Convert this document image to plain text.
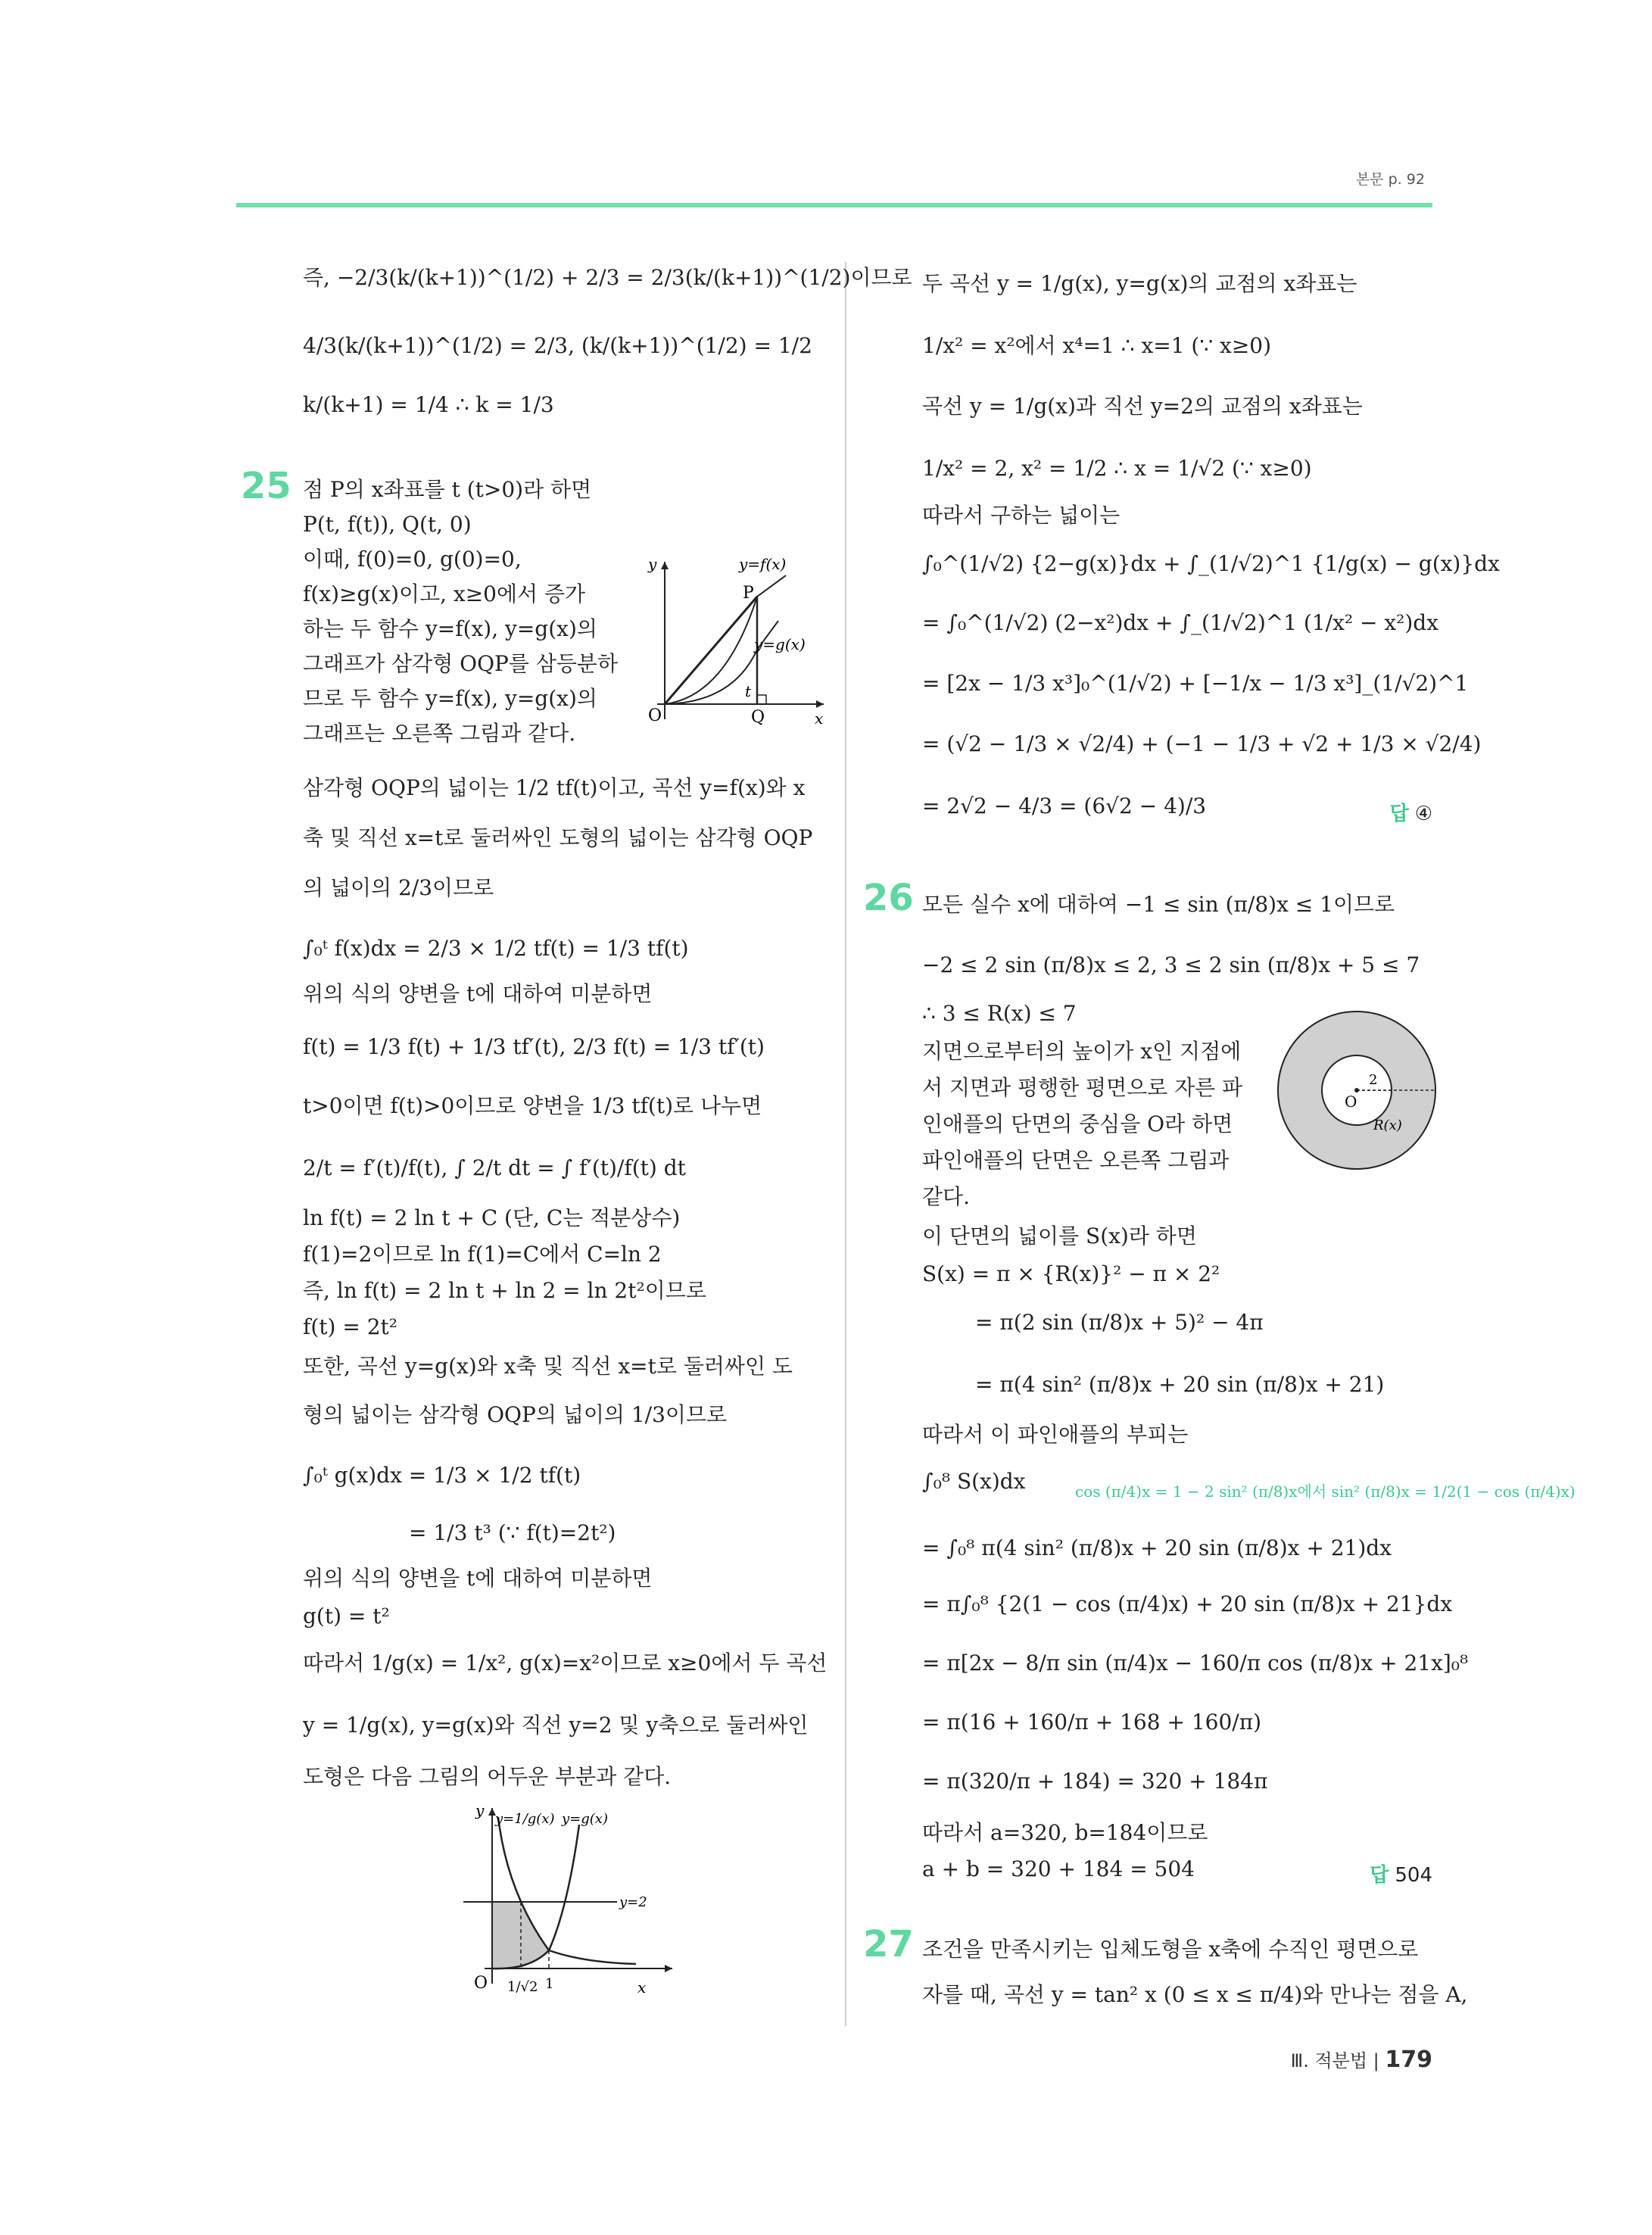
본문 p. 92
즉, −2/3(k/(k+1))^(1/2) + 2/3 = 2/3(k/(k+1))^(1/2)이므로
4/3(k/(k+1))^(1/2) = 2/3, (k/(k+1))^(1/2) = 1/2
k/(k+1) = 1/4 ∴ k = 1/3
25 점 P의 x좌표를 t (t>0)라 하면
P(t, f(t)), Q(t, 0)
이때, f(0)=0, g(0)=0,
f(x)≥g(x)이고, x≥0에서 증가
하는 두 함수 y=f(x), y=g(x)의
그래프가 삼각형 OQP를 삼등분하
므로 두 함수 y=f(x), y=g(x)의
그래프는 오른쪽 그림과 같다.
삼각형 OQP의 넓이는 1/2 tf(t)이고, 곡선 y=f(x)와 x
축 및 직선 x=t로 둘러싸인 도형의 넓이는 삼각형 OQP
의 넓이의 2/3이므로
∫₀ᵗ f(x)dx = 2/3 × 1/2 tf(t) = 1/3 tf(t)
위의 식의 양변을 t에 대하여 미분하면
f(t) = 1/3 f(t) + 1/3 tf′(t), 2/3 f(t) = 1/3 tf′(t)
t>0이면 f(t)>0이므로 양변을 1/3 tf(t)로 나누면
2/t = f′(t)/f(t), ∫ 2/t dt = ∫ f′(t)/f(t) dt
ln f(t) = 2 ln t + C (단, C는 적분상수)
f(1)=2이므로 ln f(1)=C에서 C=ln 2
즉, ln f(t) = 2 ln t + ln 2 = ln 2t²이므로
f(t) = 2t²
또한, 곡선 y=g(x)와 x축 및 직선 x=t로 둘러싸인 도
형의 넓이는 삼각형 OQP의 넓이의 1/3이므로
∫₀ᵗ g(x)dx = 1/3 × 1/2 tf(t)
= 1/3 t³ (∵ f(t)=2t²)
위의 식의 양변을 t에 대하여 미분하면
g(t) = t²
따라서 1/g(x) = 1/x², g(x)=x²이므로 x≥0에서 두 곡선
y = 1/g(x), y=g(x)와 직선 y=2 및 y축으로 둘러싸인
도형은 다음 그림의 어두운 부분과 같다.
y
x
O
y=f(x)
y=g(x)
P
Q
t
O y
x
O
y=1/g(x) y=g(x)
y=2
1/√2 1
두 곡선 y = 1/g(x), y=g(x)의 교점의 x좌표는
1/x² = x²에서 x⁴=1 ∴ x=1 (∵ x≥0)
곡선 y = 1/g(x)과 직선 y=2의 교점의 x좌표는
1/x² = 2, x² = 1/2 ∴ x = 1/√2 (∵ x≥0)
따라서 구하는 넓이는
∫₀^(1/√2) {2−g(x)}dx + ∫_(1/√2)^1 {1/g(x) − g(x)}dx
= ∫₀^(1/√2) (2−x²)dx + ∫_(1/√2)^1 (1/x² − x²)dx
= [2x − 1/3 x³]₀^(1/√2) + [−1/x − 1/3 x³]_(1/√2)^1
= (√2 − 1/3 × √2/4) + (−1 − 1/3 + √2 + 1/3 × √2/4)
= 2√2 − 4/3 = (6√2 − 4)/3	답 ④
26 모든 실수 x에 대하여 −1 ≤ sin (π/8)x ≤ 1이므로
−2 ≤ 2 sin (π/8)x ≤ 2, 3 ≤ 2 sin (π/8)x + 5 ≤ 7
∴ 3 ≤ R(x) ≤ 7
지면으로부터의 높이가 x인 지점에
서 지면과 평행한 평면으로 자른 파
인애플의 단면의 중심을 O라 하면
파인애플의 단면은 오른쪽 그림과
같다.
이 단면의 넓이를 S(x)라 하면
S(x) = π × {R(x)}² − π × 2²
= π(2 sin (π/8)x + 5)² − 4π
= π(4 sin² (π/8)x + 20 sin (π/8)x + 21)
따라서 이 파인애플의 부피는
∫₀⁸ S(x)dx
= ∫₀⁸ π(4 sin² (π/8)x + 20 sin (π/8)x + 21)dx
= π∫₀⁸ {2(1 − cos (π/4)x) + 20 sin (π/8)x + 21}dx
= π[2x − 8/π sin (π/4)x − 160/π cos (π/8)x + 21x]₀⁸
= π(16 + 160/π + 168 + 160/π)
= π(320/π + 184) = 320 + 184π
따라서 a=320, b=184이므로
a + b = 320 + 184 = 504
cos (π/4)x = 1 − 2 sin² (π/8)x에서 sin² (π/8)x = 1/2(1 − cos (π/4)x)
답 504
O
2
R(x)
27 조건을 만족시키는 입체도형을 x축에 수직인 평면으로
자를 때, 곡선 y = tan² x (0 ≤ x ≤ π/4)와 만나는 점을 A,
Ⅲ. 적분법 | 179
